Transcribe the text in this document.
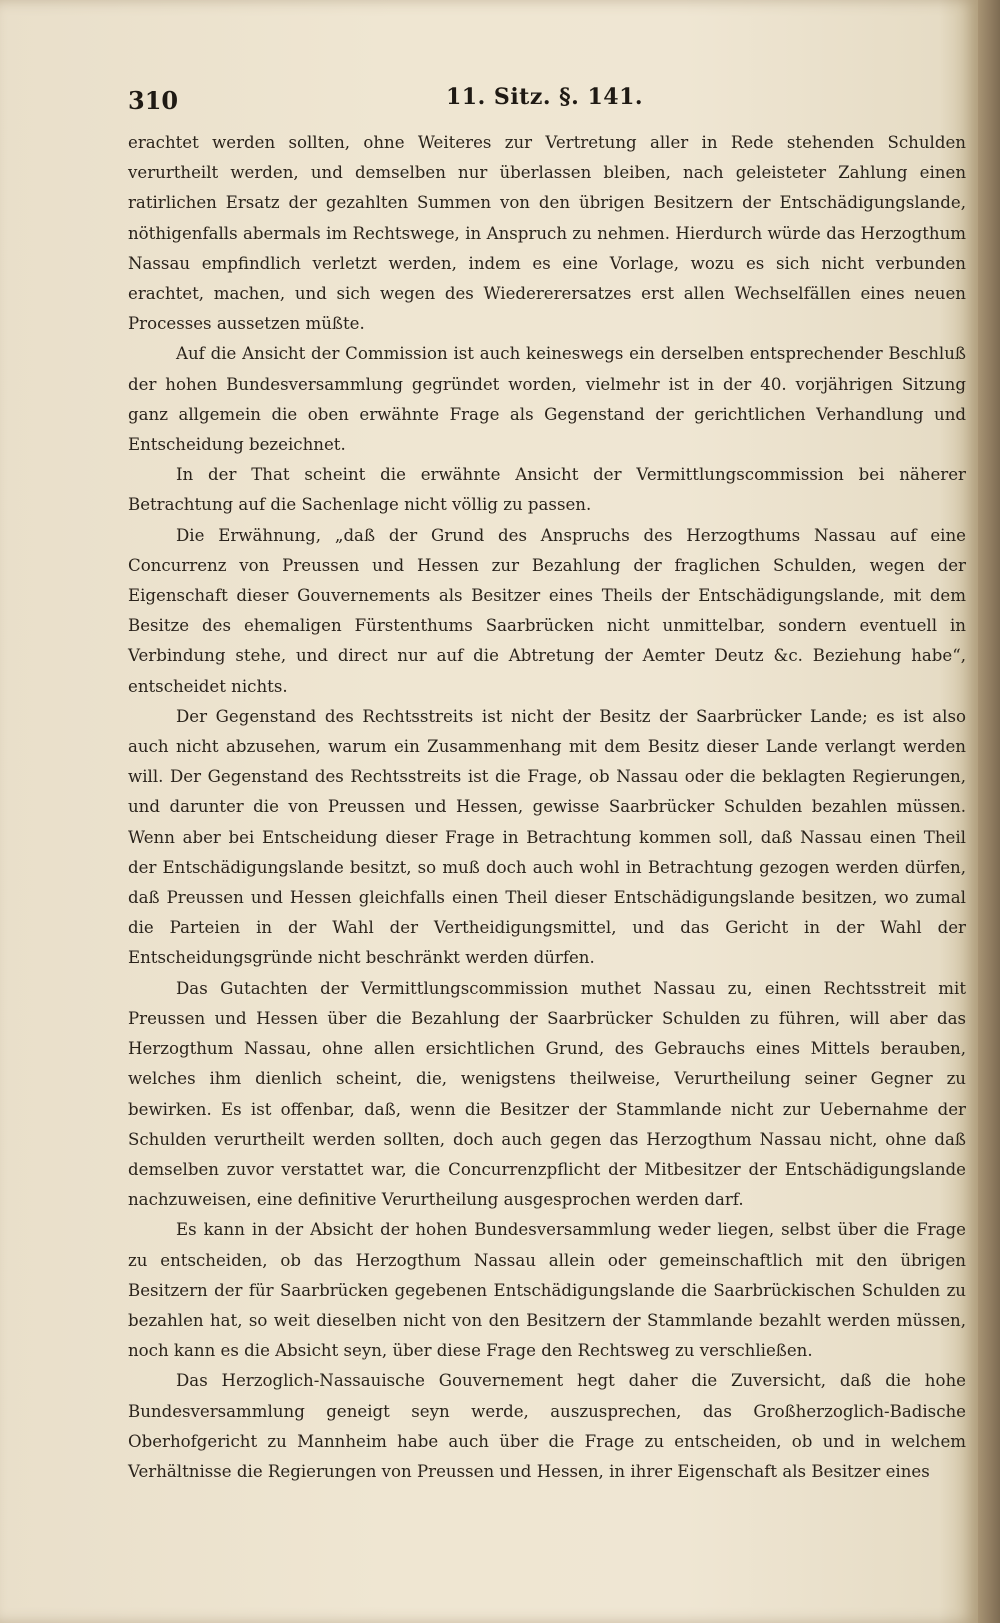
310	11. Sitz. §. 141.

erachtet werden sollten, ohne Weiteres zur Vertretung aller in Rede stehenden Schulden verurtheilt werden, und demselben nur überlassen bleiben, nach geleisteter Zahlung einen ratirlichen Ersatz der gezahlten Summen von den übrigen Besitzern der Entschädigungslande, nöthigenfalls abermals im Rechtswege, in Anspruch zu nehmen. Hierdurch würde das Herzogthum Nassau empfindlich verletzt werden, indem es eine Vorlage, wozu es sich nicht verbunden erachtet, machen, und sich wegen des Wiedererersatzes erst allen Wechselfällen eines neuen Processes aussetzen müßte.

Auf die Ansicht der Commission ist auch keineswegs ein derselben entsprechender Beschluß der hohen Bundesversammlung gegründet worden, vielmehr ist in der 40. vorjährigen Sitzung ganz allgemein die oben erwähnte Frage als Gegenstand der gerichtlichen Verhandlung und Entscheidung bezeichnet.

In der That scheint die erwähnte Ansicht der Vermittlungscommission bei näherer Betrachtung auf die Sachenlage nicht völlig zu passen.

Die Erwähnung, „daß der Grund des Anspruchs des Herzogthums Nassau auf eine Concurrenz von Preussen und Hessen zur Bezahlung der fraglichen Schulden, wegen der Eigenschaft dieser Gouvernements als Besitzer eines Theils der Entschädigungslande, mit dem Besitze des ehemaligen Fürstenthums Saarbrücken nicht unmittelbar, sondern eventuell in Verbindung stehe, und direct nur auf die Abtretung der Aemter Deutz &c. Beziehung habe“, entscheidet nichts.

Der Gegenstand des Rechtsstreits ist nicht der Besitz der Saarbrücker Lande; es ist also auch nicht abzusehen, warum ein Zusammenhang mit dem Besitz dieser Lande verlangt werden will. Der Gegenstand des Rechtsstreits ist die Frage, ob Nassau oder die beklagten Regierungen, und darunter die von Preussen und Hessen, gewisse Saarbrücker Schulden bezahlen müssen. Wenn aber bei Entscheidung dieser Frage in Betrachtung kommen soll, daß Nassau einen Theil der Entschädigungslande besitzt, so muß doch auch wohl in Betrachtung gezogen werden dürfen, daß Preussen und Hessen gleichfalls einen Theil dieser Entschädigungslande besitzen, wo zumal die Parteien in der Wahl der Vertheidigungsmittel, und das Gericht in der Wahl der Entscheidungsgründe nicht beschränkt werden dürfen.

Das Gutachten der Vermittlungscommission muthet Nassau zu, einen Rechtsstreit mit Preussen und Hessen über die Bezahlung der Saarbrücker Schulden zu führen, will aber das Herzogthum Nassau, ohne allen ersichtlichen Grund, des Gebrauchs eines Mittels berauben, welches ihm dienlich scheint, die, wenigstens theilweise, Verurtheilung seiner Gegner zu bewirken. Es ist offenbar, daß, wenn die Besitzer der Stammlande nicht zur Uebernahme der Schulden verurtheilt werden sollten, doch auch gegen das Herzogthum Nassau nicht, ohne daß demselben zuvor verstattet war, die Concurrenzpflicht der Mitbesitzer der Entschädigungslande nachzuweisen, eine definitive Verurtheilung ausgesprochen werden darf.

Es kann in der Absicht der hohen Bundesversammlung weder liegen, selbst über die Frage zu entscheiden, ob das Herzogthum Nassau allein oder gemeinschaftlich mit den übrigen Besitzern der für Saarbrücken gegebenen Entschädigungslande die Saarbrückischen Schulden zu bezahlen hat, so weit dieselben nicht von den Besitzern der Stammlande bezahlt werden müssen, noch kann es die Absicht seyn, über diese Frage den Rechtsweg zu verschließen.

Das Herzoglich-Nassauische Gouvernement hegt daher die Zuversicht, daß die hohe Bundesversammlung geneigt seyn werde, auszusprechen, das Großherzoglich-Badische Oberhofgericht zu Mannheim habe auch über die Frage zu entscheiden, ob und in welchem Verhältnisse die Regierungen von Preussen und Hessen, in ihrer Eigenschaft als Besitzer eines
